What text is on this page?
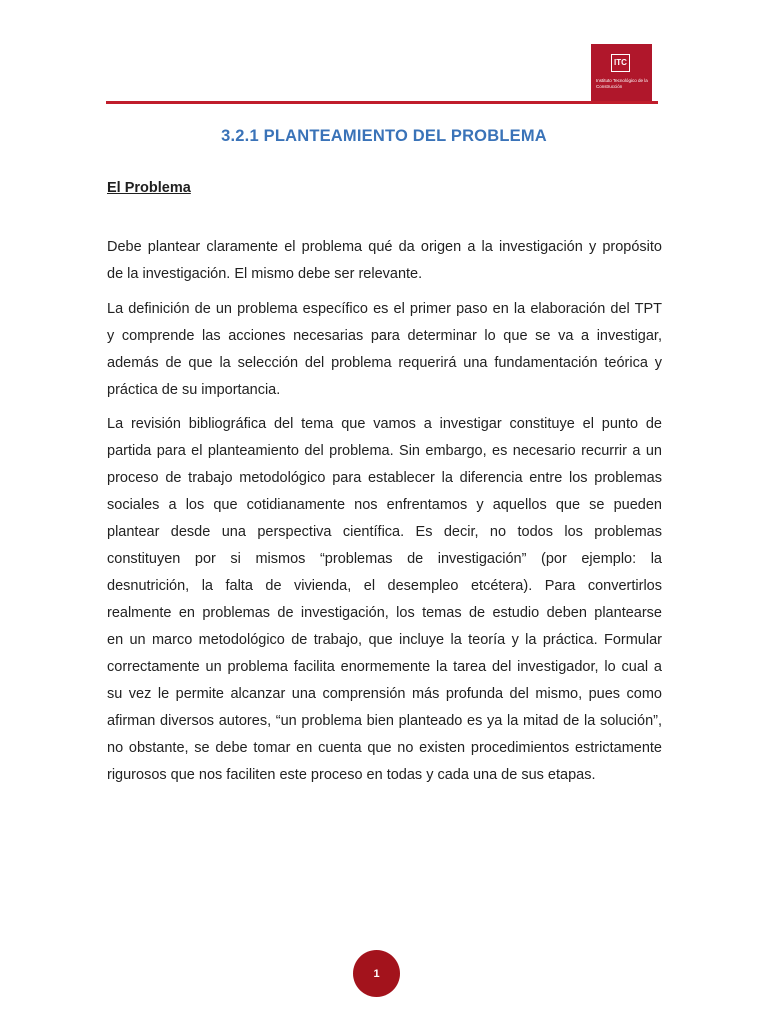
ITC
Instituto Tecnológico de la Construcción
3.2.1 PLANTEAMIENTO DEL PROBLEMA
El Problema
Debe plantear claramente el problema qué da origen a la investigación y propósito
de la investigación. El mismo debe ser relevante.
La definición de un problema específico es el primer paso en la elaboración del TPT
y comprende las acciones necesarias para determinar lo que se va a investigar,
además de que la selección del problema requerirá una fundamentación teórica y
práctica de su importancia.
La revisión bibliográfica del tema que vamos a investigar constituye el punto de
partida para el planteamiento del problema. Sin embargo, es necesario recurrir a un
proceso de trabajo metodológico para establecer la diferencia entre los problemas
sociales a los que cotidianamente nos enfrentamos y aquellos que se pueden
plantear desde una perspectiva científica. Es decir, no todos los problemas
constituyen por si mismos “problemas de investigación” (por ejemplo: la
desnutrición, la falta de vivienda, el desempleo etcétera). Para convertirlos
realmente en problemas de investigación, los temas de estudio deben plantearse
en un marco metodológico de trabajo, que incluye la teoría y la práctica. Formular
correctamente un problema facilita enormemente la tarea del investigador, lo cual a
su vez le permite alcanzar una comprensión más profunda del mismo, pues como
afirman diversos autores, “un problema bien planteado es ya la mitad de la solución”,
no obstante, se debe tomar en cuenta que no existen procedimientos estrictamente
rigurosos que nos faciliten este proceso en todas y cada una de sus etapas.
1
